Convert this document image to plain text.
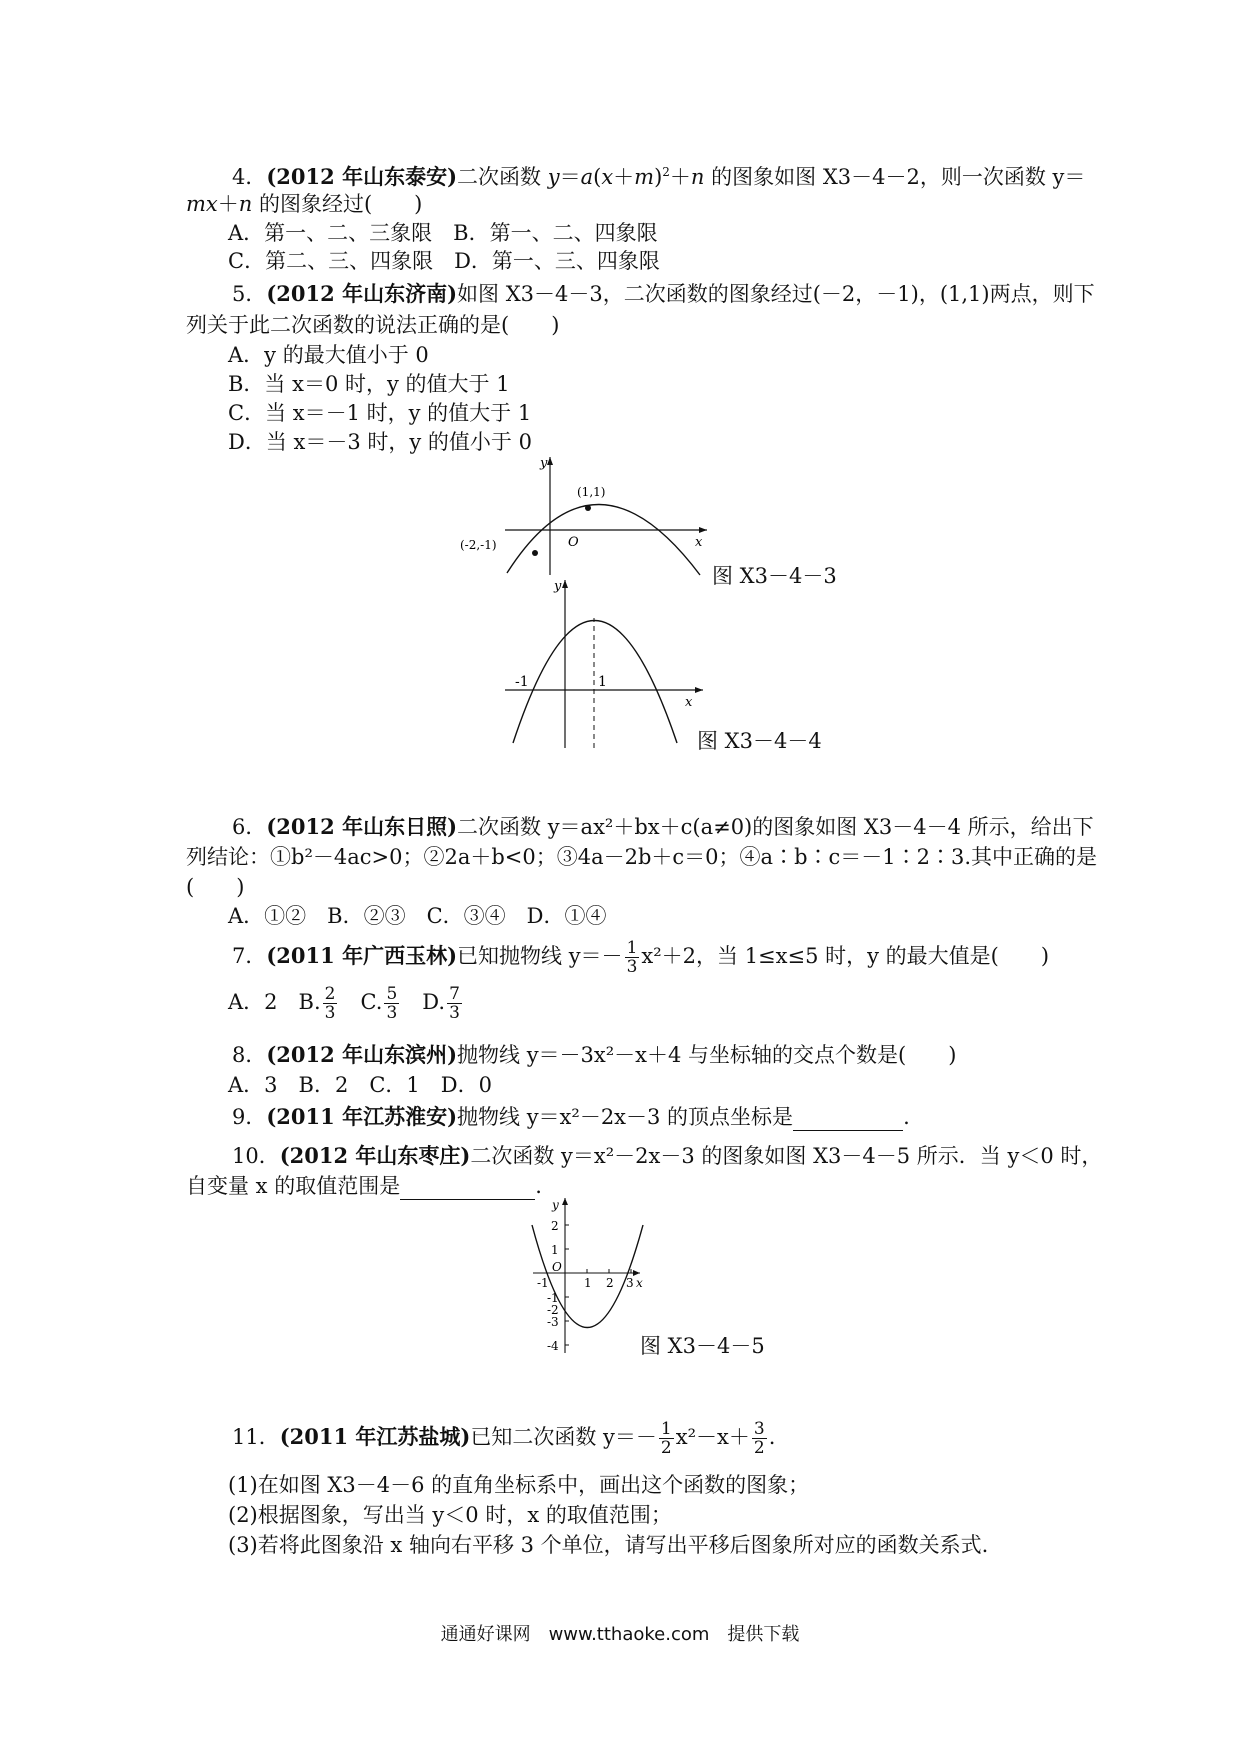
4．(2012 年山东泰安)二次函数 $y=a(x+m)^2+n$ 的图象如图 X3－4－2，则一次函数 y＝
mx＋n 的图象经过(　　)
A．第一、二、三象限　B．第一、二、四象限
C．第二、三、四象限　D．第一、三、四象限
5．(2012 年山东济南)如图 X3－4－3，二次函数的图象经过(－2，－1)，(1,1)两点，则下
列关于此二次函数的说法正确的是(　　)
A．y 的最大值小于 0
B．当 x＝0 时，y 的值大于 1
C．当 x＝－1 时，y 的值大于 1
D．当 x＝－3 时，y 的值小于 0
y
x
O
(1,1)
(-2,-1)
图 X3－4－3
y
x
-1	1
图 X3－4－4
6．(2012 年山东日照)二次函数 y＝ax²＋bx＋c(a≠0)的图象如图 X3－4－4 所示，给出下
列结论：①b²－4ac>0；②2a＋b<0；③4a－2b＋c＝0；④a∶b∶c＝－1∶2∶3.其中正确的是
(　　)
A．①②　B．②③　C．③④　D．①④
7．(2011 年广西玉林)已知抛物线 $y=- \frac{1}{3} x^2+2$，当 1≤x≤5 时，y 的最大值是(　　)
A．2　B. $\frac{2}{3}$ 　C. $\frac{5}{3}$ 　D. $\frac{7}{3}$
8．(2012 年山东滨州)抛物线 y＝－3x²－x＋4 与坐标轴的交点个数是(　　)
A．3　B．2　C．1　D．0
9．(2011 年江苏淮安)抛物线 y＝x²－2x－3 的顶点坐标是	.
10．(2012 年山东枣庄)二次函数 y＝x²－2x－3 的图象如图 X3－4－5 所示．当 y＜0 时，
自变量 x 的取值范围是	.
y
x
O
2
1
-1
-3
-4
-2
1 2 3
-1
图 X3－4－5
11．(2011 年江苏盐城)已知二次函数 $y=- \frac{1}{2} x^2-x+ \frac{3}{2}$ .
(1)在如图 X3－4－6 的直角坐标系中，画出这个函数的图象；
(2)根据图象，写出当 y＜0 时，x 的取值范围；
(3)若将此图象沿 x 轴向右平移 3 个单位，请写出平移后图象所对应的函数关系式.
通通好课网　www.tthaoke.com　提供下载
